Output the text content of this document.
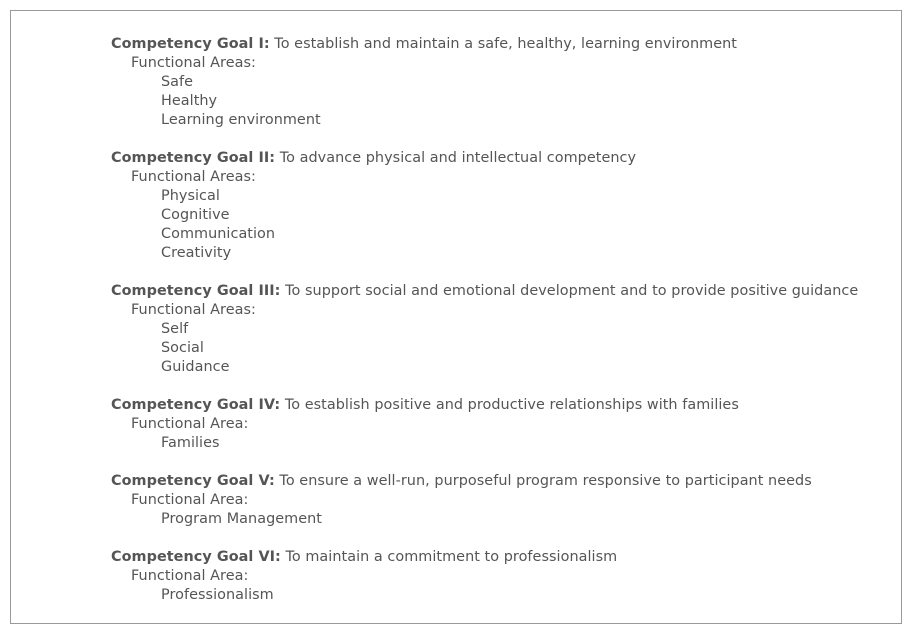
Competency Goal I: To establish and maintain a safe, healthy, learning environment
Functional Areas:
Safe
Healthy
Learning environment
Competency Goal II: To advance physical and intellectual competency
Functional Areas:
Physical
Cognitive
Communication
Creativity
Competency Goal III: To support social and emotional development and to provide positive guidance
Functional Areas:
Self
Social
Guidance
Competency Goal IV: To establish positive and productive relationships with families
Functional Area:
Families
Competency Goal V: To ensure a well-run, purposeful program responsive to participant needs
Functional Area:
Program Management
Competency Goal VI: To maintain a commitment to professionalism
Functional Area:
Professionalism
